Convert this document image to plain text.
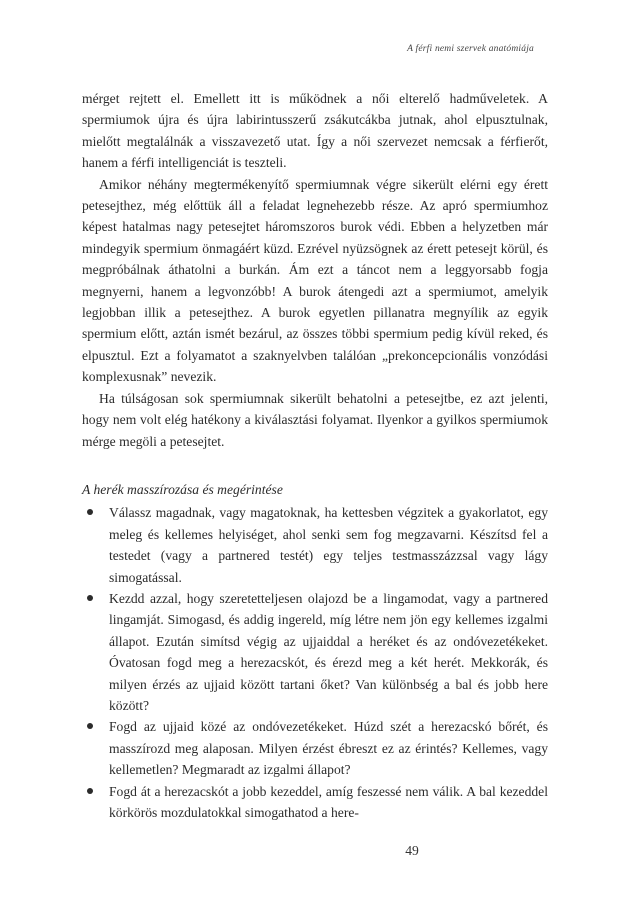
A férfi nemi szervek anatómiája

mérget rejtett el. Emellett itt is működnek a női elterelő hadműveletek. A spermiumok újra és újra labirintusszerű zsákutcákba jutnak, ahol elpusztulnak, mielőtt megtalálnák a visszavezető utat. Így a női szervezet nemcsak a férfierőt, hanem a férfi intelligenciát is teszteli.

Amikor néhány megtermékenyítő spermiumnak végre sikerült elérni egy érett petesejthez, még előttük áll a feladat legnehezebb része. Az apró spermiumhoz képest hatalmas nagy petesejtet háromszoros burok védi. Ebben a helyzetben már mindegyik spermium önmagáért küzd. Ezrével nyüzsögnek az érett petesejt körül, és megpróbálnak áthatolni a burkán. Ám ezt a táncot nem a leggyorsabb fogja megnyerni, hanem a legvonzóbb! A burok átengedi azt a spermiumot, amelyik legjobban illik a petesejthez. A burok egyetlen pillanatra megnyílik az egyik spermium előtt, aztán ismét bezárul, az összes többi spermium pedig kívül reked, és elpusztul. Ezt a folyamatot a szaknyelvben találóan „prekoncepcionális vonzódási komplexusnak” nevezik.

Ha túlságosan sok spermiumnak sikerült behatolni a petesejtbe, ez azt jelenti, hogy nem volt elég hatékony a kiválasztási folyamat. Ilyenkor a gyilkos spermiumok mérge megöli a petesejtet.

A herék masszírozása és megérintése
Válassz magadnak, vagy magatoknak, ha kettesben végzitek a gyakorlatot, egy meleg és kellemes helyiséget, ahol senki sem fog megzavarni. Készítsd fel a testedet (vagy a partnered testét) egy teljes testmasszázzsal vagy lágy simogatással.
Kezdd azzal, hogy szeretetteljesen olajozd be a lingamodat, vagy a partnered lingamját. Simogasd, és addig ingereld, míg létre nem jön egy kellemes izgalmi állapot. Ezután simítsd végig az ujjaiddal a heréket és az ondóvezetékeket. Óvatosan fogd meg a herezacskót, és érezd meg a két herét. Mekkorák, és milyen érzés az ujjaid között tartani őket? Van különbség a bal és jobb here között?
Fogd az ujjaid közé az ondóvezetékeket. Húzd szét a herezacskó bőrét, és masszírozd meg alaposan. Milyen érzést ébreszt ez az érintés? Kellemes, vagy kellemetlen? Megmaradt az izgalmi állapot?
Fogd át a herezacskót a jobb kezeddel, amíg feszessé nem válik. A bal kezeddel körkörös mozdulatokkal simogathatod a here-
49
